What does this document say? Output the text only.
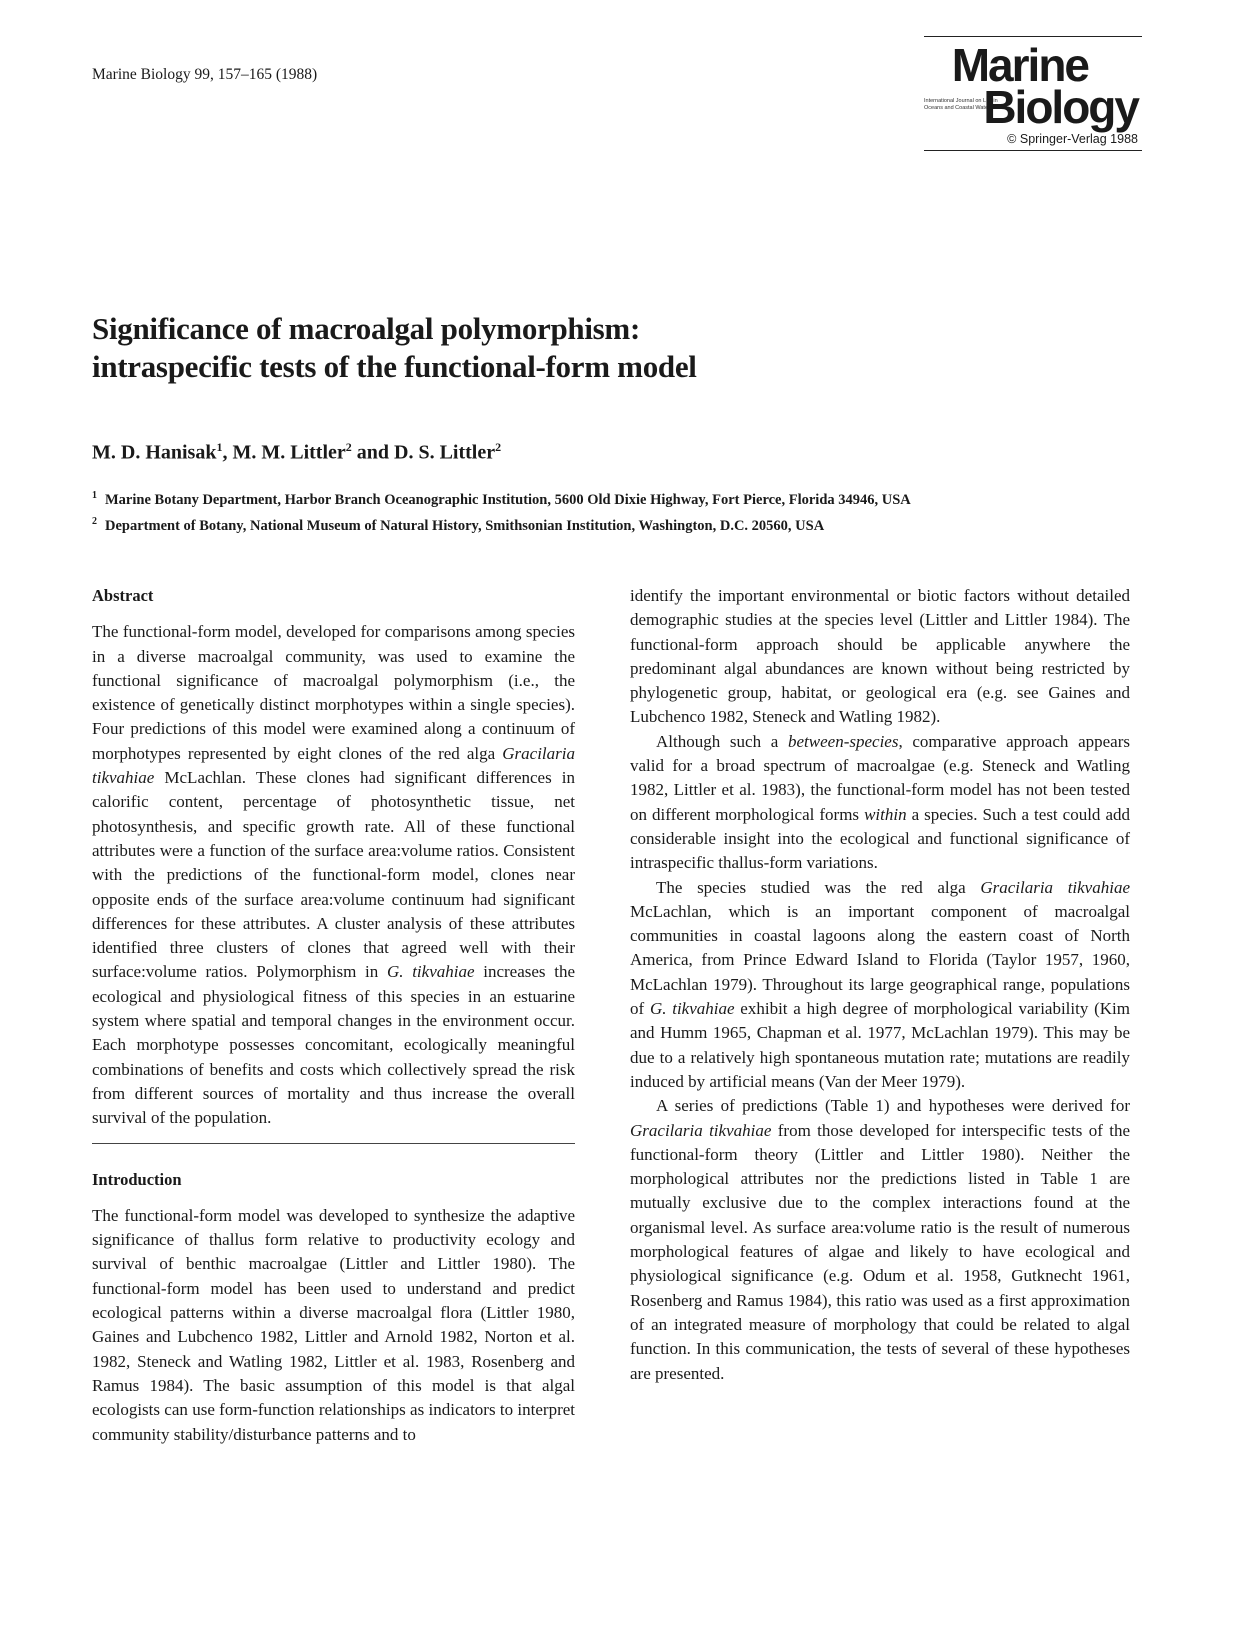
Marine Biology 99, 157–165 (1988)	Marine
International Journal on Life in Oceans and Coastal Waters
Biology
© Springer-Verlag 1988
Significance of macroalgal polymorphism:
intraspecific tests of the functional-form model
M. D. Hanisak$^1$, M. M. Littler$^2$ and D. S. Littler$^2$
$^1$ Marine Botany Department, Harbor Branch Oceanographic Institution, 5600 Old Dixie Highway, Fort Pierce, Florida 34946, USA
$^2$ Department of Botany, National Museum of Natural History, Smithsonian Institution, Washington, D.C. 20560, USA

Abstract

The functional-form model, developed for comparisons among species in a diverse macroalgal community, was used to examine the functional significance of macroalgal polymorphism (i.e., the existence of genetically distinct morphotypes within a single species). Four predictions of this model were examined along a continuum of morphotypes represented by eight clones of the red alga Gracilaria tikvahiae McLachlan. These clones had significant differences in calorific content, percentage of photosynthetic tissue, net photosynthesis, and specific growth rate. All of these functional attributes were a function of the surface area:volume ratios. Consistent with the predictions of the functional-form model, clones near opposite ends of the surface area:volume continuum had significant differences for these attributes. A cluster analysis of these attributes identified three clusters of clones that agreed well with their surface:volume ratios. Polymorphism in G. tikvahiae increases the ecological and physiological fitness of this species in an estuarine system where spatial and temporal changes in the environment occur. Each morphotype possesses concomitant, ecologically meaningful combinations of benefits and costs which collectively spread the risk from different sources of mortality and thus increase the overall survival of the population.

Introduction

The functional-form model was developed to synthesize the adaptive significance of thallus form relative to productivity ecology and survival of benthic macroalgae (Littler and Littler 1980). The functional-form model has been used to understand and predict ecological patterns within a diverse macroalgal flora (Littler 1980, Gaines and Lubchenco 1982, Littler and Arnold 1982, Norton et al. 1982, Steneck and Watling 1982, Littler et al. 1983, Rosenberg and Ramus 1984). The basic assumption of this model is that algal ecologists can use form-function relationships as indicators to interpret community stability/disturbance patterns and to

identify the important environmental or biotic factors without detailed demographic studies at the species level (Littler and Littler 1984). The functional-form approach should be applicable anywhere the predominant algal abundances are known without being restricted by phylogenetic group, habitat, or geological era (e.g. see Gaines and Lubchenco 1982, Steneck and Watling 1982).

Although such a between-species, comparative approach appears valid for a broad spectrum of macroalgae (e.g. Steneck and Watling 1982, Littler et al. 1983), the functional-form model has not been tested on different morphological forms within a species. Such a test could add considerable insight into the ecological and functional significance of intraspecific thallus-form variations.

The species studied was the red alga Gracilaria tikvahiae McLachlan, which is an important component of macroalgal communities in coastal lagoons along the eastern coast of North America, from Prince Edward Island to Florida (Taylor 1957, 1960, McLachlan 1979). Throughout its large geographical range, populations of G. tikvahiae exhibit a high degree of morphological variability (Kim and Humm 1965, Chapman et al. 1977, McLachlan 1979). This may be due to a relatively high spontaneous mutation rate; mutations are readily induced by artificial means (Van der Meer 1979).

A series of predictions (Table 1) and hypotheses were derived for Gracilaria tikvahiae from those developed for interspecific tests of the functional-form theory (Littler and Littler 1980). Neither the morphological attributes nor the predictions listed in Table 1 are mutually exclusive due to the complex interactions found at the organismal level. As surface area:volume ratio is the result of numerous morphological features of algae and likely to have ecological and physiological significance (e.g. Odum et al. 1958, Gutknecht 1961, Rosenberg and Ramus 1984), this ratio was used as a first approximation of an integrated measure of morphology that could be related to algal function. In this communication, the tests of several of these hypotheses are presented.
